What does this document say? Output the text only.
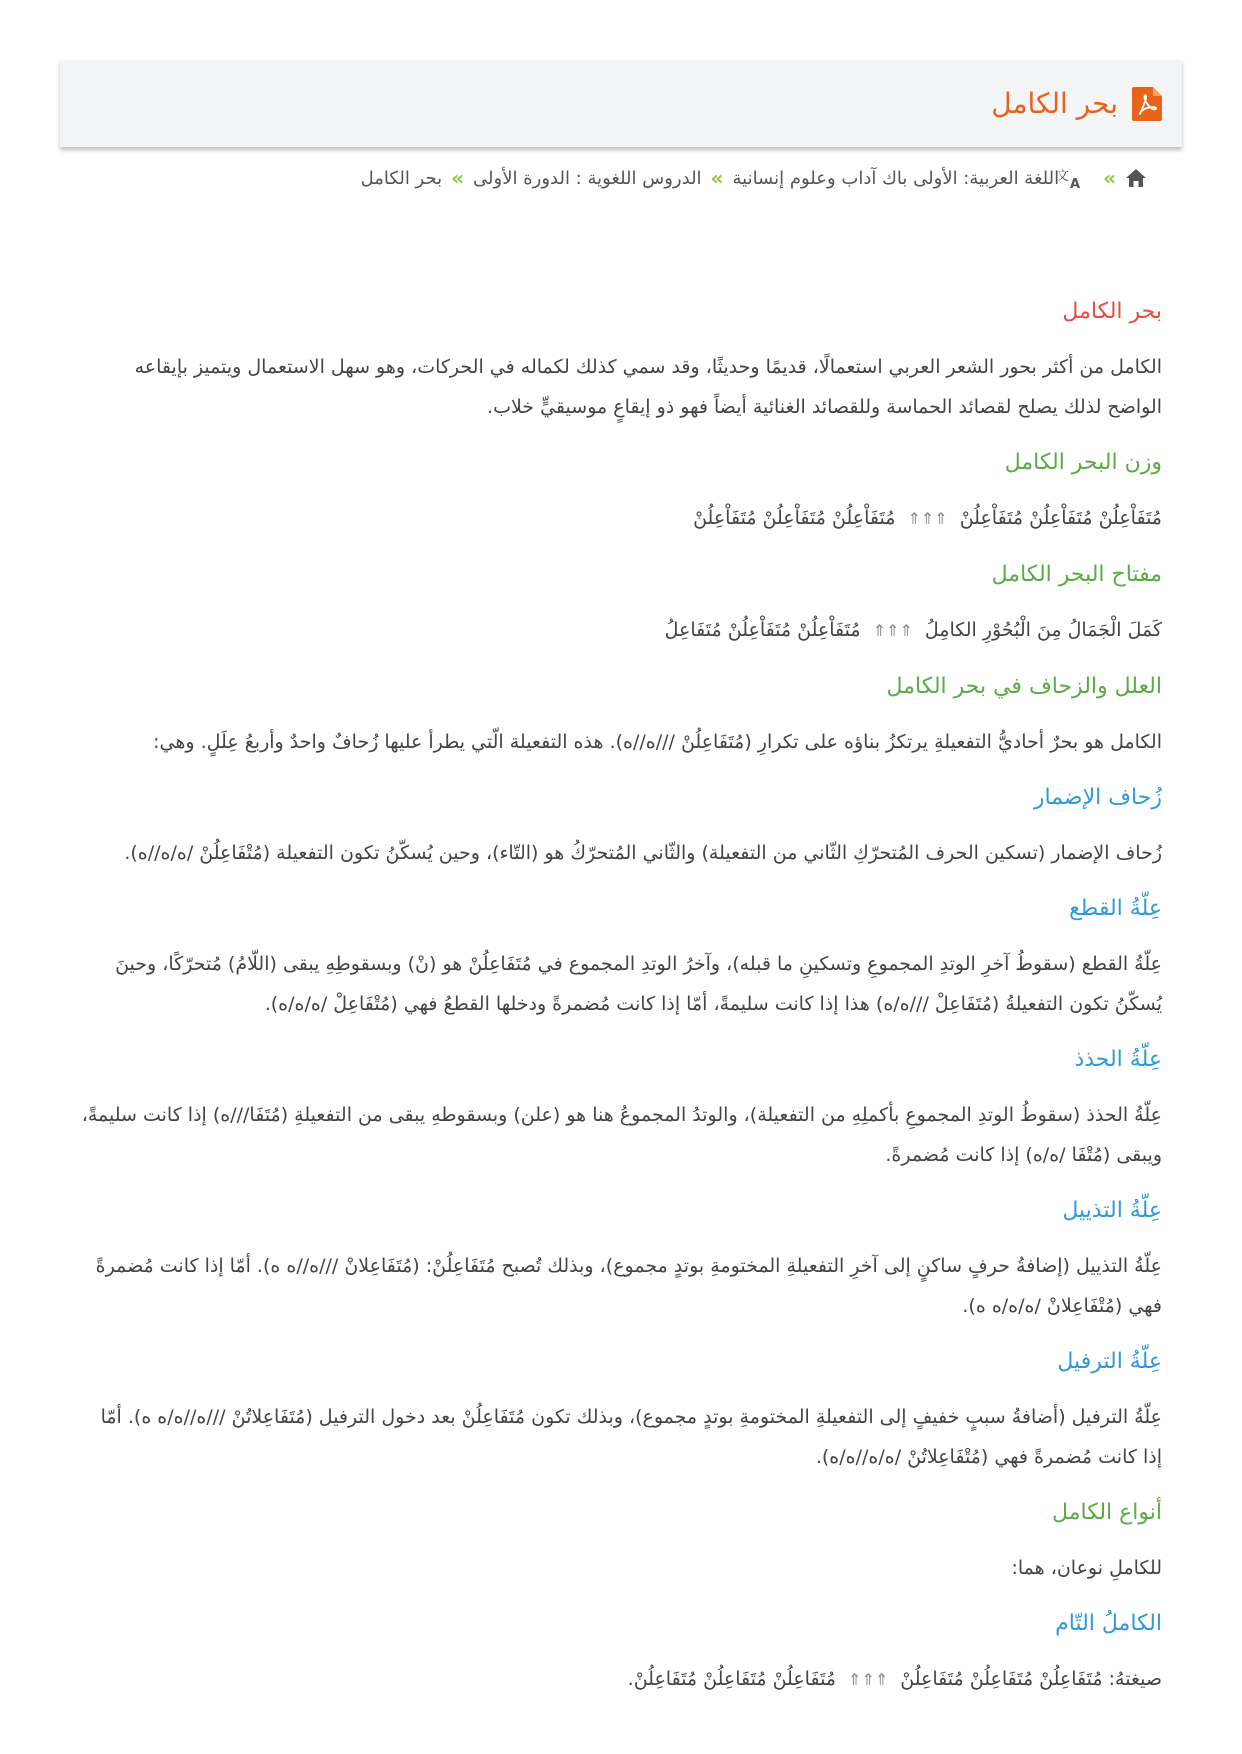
بحر الكامل
»
文
A
اللغة العربية: الأولى باك آداب وعلوم إنسانية
»
الدروس اللغوية : الدورة الأولى
»
بحر الكامل
بحر الكامل

الكامل من أكثر بحور الشعر العربي استعمالًا، قديمًا وحديثًا، وقد سمي كذلك لكماله في الحركات، وهو سهل الاستعمال ويتميز بإيقاعه الواضح لذلك يصلح لقصائد الحماسة وللقصائد الغنائية أيضاً فهو ذو إيقاعٍ موسيقيٍّ خلاب.

وزن البحر الكامل

مُتَفَاْعِلُنْ مُتَفَاْعِلُنْ مُتَفَاْعِلُنْ ⇑⇑⇑ مُتَفَاْعِلُنْ مُتَفَاْعِلُنْ مُتَفَاْعِلُنْ

مفتاح البحر الكامل

كَمَلَ الْجَمَالُ مِنَ الْبُحُوْرِ الكامِلُ ⇑⇑⇑ مُتَفَاْعِلُنْ مُتَفَاْعِلُنْ مُتَفَاعِلُ

العلل والزحاف في بحر الكامل

الكامل هو بحرٌ أحاديُّ التفعيلةِ يرتكزُ بناؤه على تكرارِ (مُتَفَاعِلُنْ ///ه//ه). هذه التفعيلة الّتي يطرأ عليها زُحافٌ واحدٌ وأربعُ عِلَلٍ. وهي:

زُحاف الإضمار

زُحاف الإضمار (تسكين الحرف المُتحرّكِ الثّاني من التفعيلة) والثّاني المُتحرّكُ هو (التّاء)، وحين يُسكّنُ تكون التفعيلة (مُتْفَاعِلُنْ /ه/ه//ه).

عِلّةُ القطع

عِلّةُ القطع (سقوطُ آخرِ الوتدِ المجموعِ وتسكينِ ما قبله)، وآخرُ الوتدِ المجموع في مُتَفَاعِلُنْ هو (نْ) وبسقوطِهِ يبقى (اللّامُ) مُتحرّكًا، وحينَ يُسكّنُ تكون التفعيلةُ (مُتَفَاعِلْ ///ه/ه) هذا إذا كانت سليمةً، أمّا إذا كانت مُضمرةً ودخلها القطعُ فهي (مُتْفَاعِلْ /ه/ه/ه).

عِلّةُ الحذذ

عِلّةُ الحذذ (سقوطُ الوتدِ المجموعِ بأكملِهِ من التفعيلة)، والوتدُ المجموعُ هنا هو (علن) وبسقوطهِ يبقى من التفعيلةِ (مُتَفَا///ه) إذا كانت سليمةً، ويبقى (مُتْفَا /ه/ه) إذا كانت مُضمرةً.

عِلّةُ التذييل

عِلّةُ التذييل (إضافةُ حرفٍ ساكنٍ إلى آخرِ التفعيلةِ المختومةِ بوتدٍ مجموع)، وبذلك تُصبح مُتَفَاعِلُنْ: (مُتَفَاعِلانْ ///ه//ه ه). أمّا إذا كانت مُضمرةً فهي (مُتْفَاعِلانْ /ه/ه/ه ه).

عِلّةُ الترفيل

عِلّةُ الترفيل (أضافةُ سببٍ خفيفٍ إلى التفعيلةِ المختومةِ بوتدٍ مجموع)، وبذلك تكون مُتَفَاعِلُنْ بعد دخول الترفيل (مُتَفَاعِلاتُنْ ///ه//ه/ه ه). أمّا إذا كانت مُضمرةً فهي (مُتْفَاعِلاتُنْ /ه/ه//ه/ه).

أنواع الكامل

للكاملِ نوعان، هما:

الكاملُ التّام

صيغتهُ: مُتَفَاعِلُنْ مُتَفَاعِلُنْ مُتَفَاعِلُنْ ⇑⇑⇑ مُتَفَاعِلُنْ مُتَفَاعِلُنْ مُتَفَاعِلُنْ.
